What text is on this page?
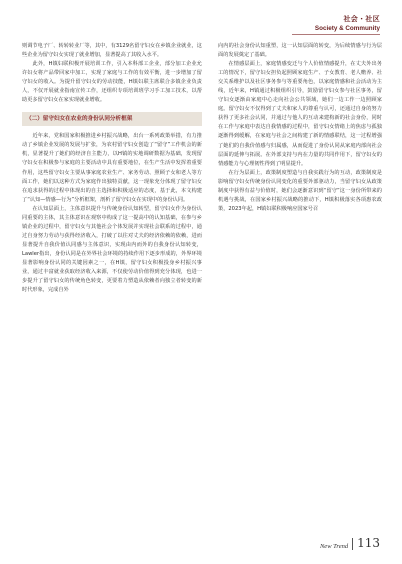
社会・社区
Society & Community

则调节电子厂、转转转业厂等，其中，有3129名留守妇女在乡镇企业就业，这些企业为留守妇女实现了就业增加，显著提高了其收入水平。

此外，H镇妇联积极开展培训工作，引入本科部工企业，部分加工企业允许妇女将产品带回家中加工，实现了家庭与工作的有效平衡，进一步增加了留守妇女的收入。为提升留守妇女的劳动技能，H镇妇联主席联合多镇企业负责人，不仅开展就业指南宣传工作，还组织专项培训班学习手工加工技术，以帮助更多留守妇女在家实现就业增收。

（二）留守妇女在农业的身份认同分析框架

近年来，党和国家积极推进乡村振兴战略，出台一系列政策举措，有力推动了乡镇企业发展的发展与扩张，为农村留守妇女创造了“留守”工作机会的新机，显著提升了她们的经济自主能力，以H镇的实地调研数据为基础，发现留守妇女在积极参与家庭的主要活动中具有重要地位，在生产生活中发挥着重要作用，这些留守妇女主要从事家庭农业生产、家务劳动、照顾子女和老人等方面工作，她们以这种方式为家庭作出独特贡献，这一现象充分体现了留守妇女在追求获得的过程中体现出的自主选择和积极适应的态度，基于此，本文构建了“认知—情感—行为”分析框架，剖析了留守妇女在实现中的身份认同。

在认知层面上，主体意识提升与传统身份认知转型，留守妇女作为身份认同重要的主体，其主体意识在观察中构成了这一提高中的认知基础，在参与乡镇企业的过程中，留守妇女与其他社会个体发展并实现社会联系的过程中，通过自身努力劳动与获得经济收入，打破了以往对丈夫的经济依赖的依赖，进而显著提升自我价值认同感与主体意识，实现由内而外的自我身份认知转变，Lawler指出，身份认同是在外界社会环境的持续作用下逐步形成的，外界环境显著影响身份认同的关键因素之一，在H镇，留守妇女积极投身乡村振兴事业，通过丰富就业获取经济收入来源，不仅使劳动价值得到充分体现，也进一步提升了留守妇女的传统角色转变，更要着力塑造从依赖者向独立者转变的新时代形象，完成自外

向内的社会身份认知重塑，这一认知层面的转变，为后续情感与行为层面的发展奠定了基础。

在情感层面上，家庭情感变迁与个人价值情感提升，在丈夫外出务工的情况下，留守妇女担负起照顾家庭生产、子女教育、老人赡养、社交关系维护以及社区事务参与等重要角色，以家庭情感和社会活动为主线，近年来，H镇通过积极组织引导，鼓励留守妇女参与社区事务，留守妇女逐渐由家庭中心走向社会公共领域，她们一边工作一边照顾家庭。留守妇女不仅得到了丈夫和家人的尊重与认可，还通过自身的努力获得了更多社会认同，并通过与他人的互动来建构新的社会身份，同时在工作与家庭中表达自我情感的过程中，留守妇女情绪上的焦虑与孤独逐渐得到缓解，在家庭与社会之间构建了新的情感联结，这一过程增强了她们的自我价值感与归属感，从而促进了身份认同从家庭内部向社会层面的延伸与拓展。在外部支持与内在力量的共同作用下，留守妇女的情感能力与心理韧性得到了明显提升。

在行为层面上，政策制度塑造与自我实践行为的互动，政策制度是影响留守妇女传统身份认同变化的重要外部驱动力，当留守妇女从政策制度中获得有益与价值时，她们会逐渐意识到“留守”这一身份所带来的机遇与挑战，在国家乡村振兴战略的推动下，H镇积极落实各项惠农政策，2023年起，H镇妇联积极响应国家号召

New Trend 113
